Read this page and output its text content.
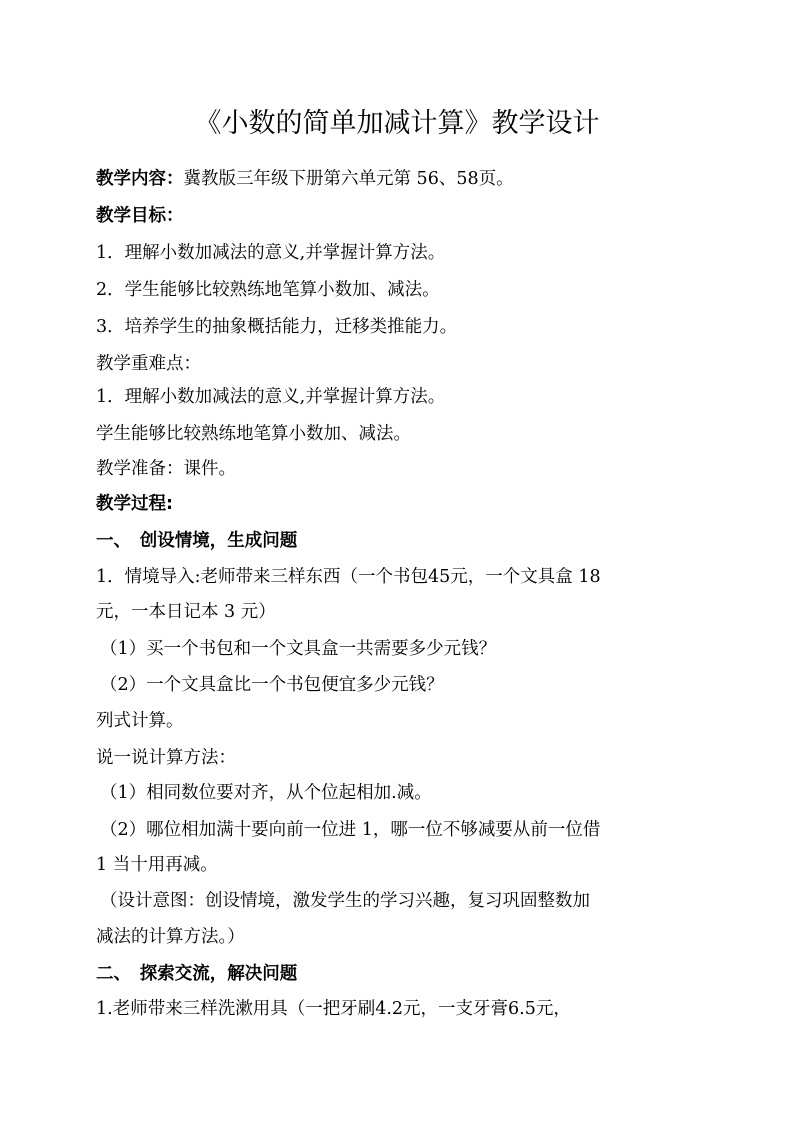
《小数的简单加减计算》教学设计
教学内容：冀教版三年级下册第六单元第 56、58页。
教学目标：
1．理解小数加减法的意义,并掌握计算方法。
2．学生能够比较熟练地笔算小数加、减法。
3．培养学生的抽象概括能力，迁移类推能力。
教学重难点：
1．理解小数加减法的意义,并掌握计算方法。
学生能够比较熟练地笔算小数加、减法。
教学准备：课件。
教学过程:
一、　创设情境，生成问题
1．情境导入:老师带来三样东西（一个书包45元，一个文具盒 18
元，一本日记本 3 元）
（1）买一个书包和一个文具盒一共需要多少元钱？
（2）一个文具盒比一个书包便宜多少元钱？
列式计算。
说一说计算方法：
（1）相同数位要对齐，从个位起相加.减。
（2）哪位相加满十要向前一位进 1，哪一位不够减要从前一位借
1 当十用再减。
（设计意图：创设情境，激发学生的学习兴趣，复习巩固整数加
减法的计算方法。）
二、　探索交流，解决问题
1.老师带来三样洗漱用具（一把牙刷4.2元，一支牙膏6.5元，
